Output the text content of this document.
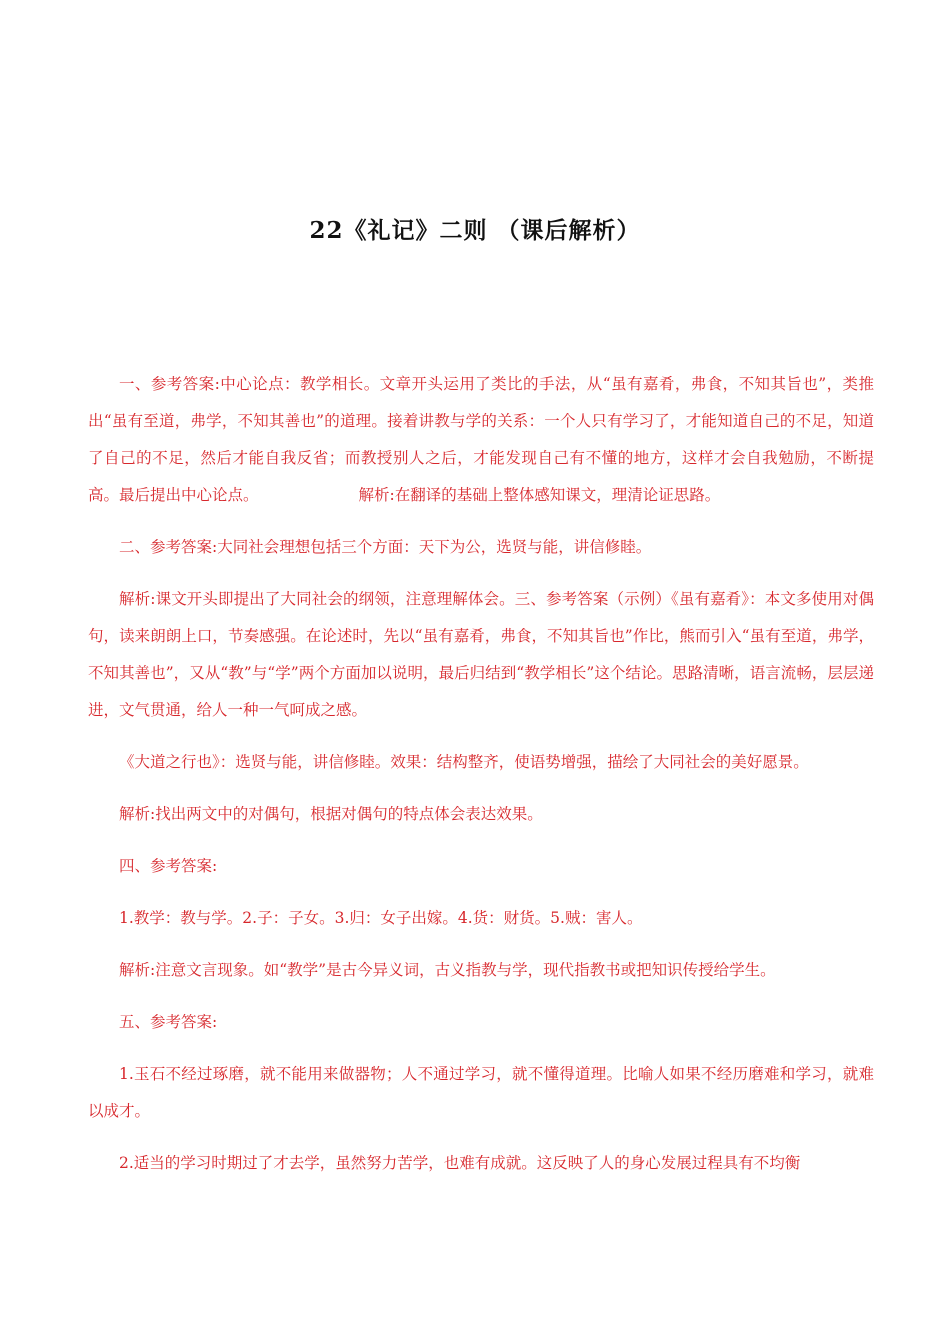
22《礼记》二则 （课后解析）

一、参考答案:中心论点：教学相长。文章开头运用了类比的手法，从“虽有嘉肴，弗食，不知其旨也”，类推出“虽有至道，弗学，不知其善也”的道理。接着讲教与学的关系：一个人只有学习了，才能知道自己的不足，知道了自己的不足，然后才能自我反省；而教授别人之后，才能发现自己有不懂的地方，这样才会自我勉励，不断提高。最后提出中心论点。	解析:在翻译的基础上整体感知课文，理清论证思路。

二、参考答案:大同社会理想包括三个方面：天下为公，选贤与能，讲信修睦。

解析:课文开头即提出了大同社会的纲领，注意理解体会。三、参考答案（示例）《虽有嘉肴》：本文多使用对偶句，读来朗朗上口，节奏感强。在论述时，先以“虽有嘉肴，弗食，不知其旨也”作比，熊而引入“虽有至道，弗学，不知其善也”，又从“教”与“学”两个方面加以说明，最后归结到“教学相长”这个结论。思路清晰，语言流畅，层层递进，文气贯通，给人一种一气呵成之感。

《大道之行也》：选贤与能，讲信修睦。效果：结构整齐，使语势增强，描绘了大同社会的美好愿景。

解析:找出两文中的对偶句，根据对偶句的特点体会表达效果。

四、参考答案:

1.教学：教与学。2.子：子女。3.归：女子出嫁。4.货：财货。5.贼：害人。

解析:注意文言现象。如“教学”是古今异义词，古义指教与学，现代指教书或把知识传授给学生。

五、参考答案:

1.玉石不经过琢磨，就不能用来做器物；人不通过学习，就不懂得道理。比喻人如果不经历磨难和学习，就难以成才。

2.适当的学习时期过了才去学，虽然努力苦学，也难有成就。这反映了人的身心发展过程具有不均衡
